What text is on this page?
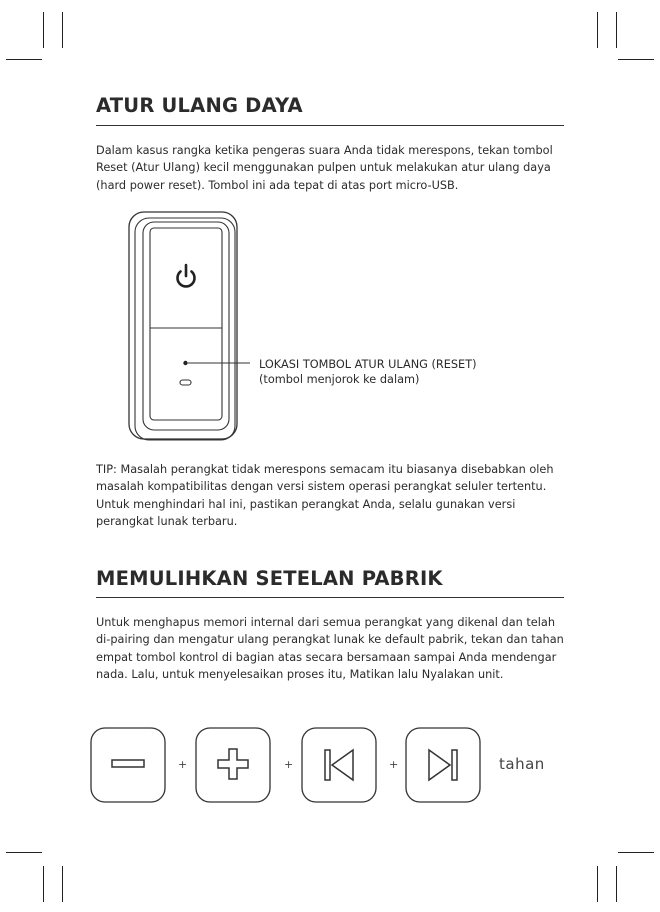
ATUR ULANG DAYA

Dalam kasus rangka ketika pengeras suara Anda tidak merespons, tekan tombol Reset (Atur Ulang) kecil menggunakan pulpen untuk melakukan atur ulang daya (hard power reset). Tombol ini ada tepat di atas port micro-USB.

LOKASI TOMBOL ATUR ULANG (RESET)
(tombol menjorok ke dalam)

TIP: Masalah perangkat tidak merespons semacam itu biasanya disebabkan oleh masalah kompatibilitas dengan versi sistem operasi perangkat seluler tertentu. Untuk menghindari hal ini, pastikan perangkat Anda, selalu gunakan versi perangkat lunak terbaru.

MEMULIHKAN SETELAN PABRIK

Untuk menghapus memori internal dari semua perangkat yang dikenal dan telah di-pairing dan mengatur ulang perangkat lunak ke default pabrik, tekan dan tahan empat tombol kontrol di bagian atas secara bersamaan sampai Anda mendengar nada. Lalu, untuk menyelesaikan proses itu, Matikan lalu Nyalakan unit.

+	+	+	tahan
